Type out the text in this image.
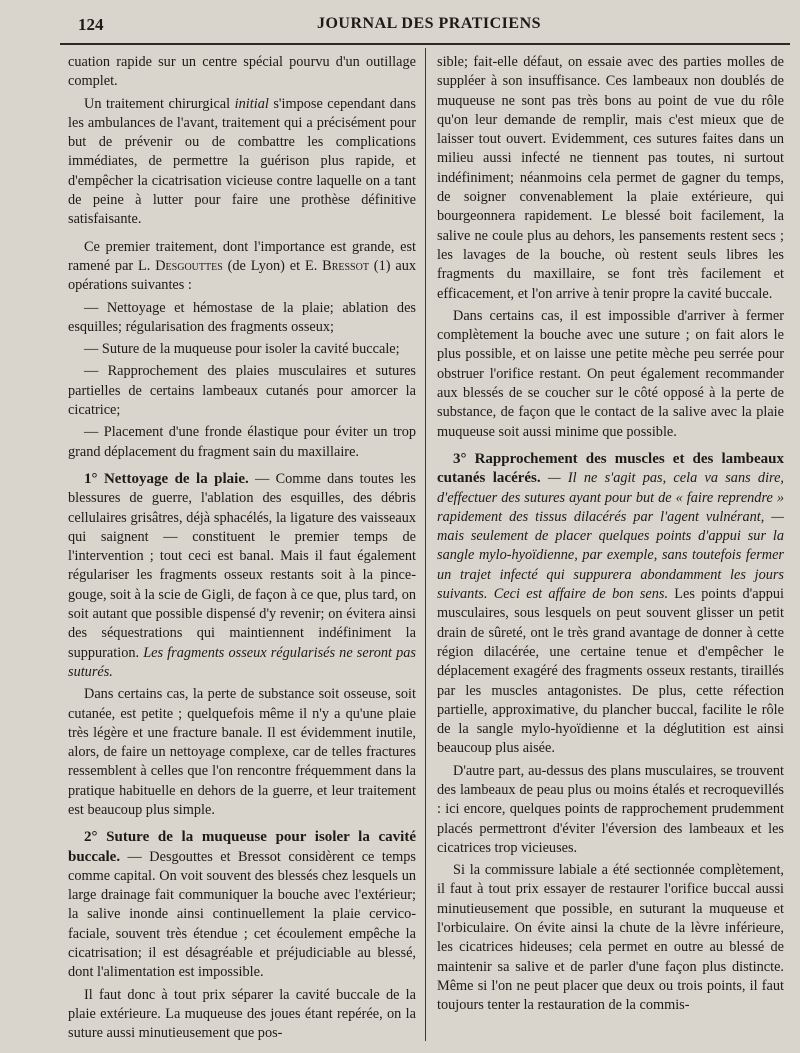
124	JOURNAL DES PRATICIENS

cuation rapide sur un centre spécial pourvu d'un outillage complet.

Un traitement chirurgical initial s'impose cependant dans les ambulances de l'avant, traitement qui a précisément pour but de prévenir ou de combattre les complications immédiates, de permettre la guérison plus rapide, et d'empêcher la cicatrisation vicieuse contre laquelle on a tant de peine à lutter pour faire une prothèse définitive satisfaisante.

Ce premier traitement, dont l'importance est grande, est ramené par L. Desgouttes (de Lyon) et E. Bressot (1) aux opérations suivantes :

— Nettoyage et hémostase de la plaie; ablation des esquilles; régularisation des fragments osseux;

— Suture de la muqueuse pour isoler la cavité buccale;

— Rapprochement des plaies musculaires et sutures partielles de certains lambeaux cutanés pour amorcer la cicatrice;

— Placement d'une fronde élastique pour éviter un trop grand déplacement du fragment sain du maxillaire.

1° Nettoyage de la plaie. — Comme dans toutes les blessures de guerre, l'ablation des esquilles, des débris cellulaires grisâtres, déjà sphacélés, la ligature des vaisseaux qui saignent — constituent le premier temps de l'intervention ; tout ceci est banal. Mais il faut également régulariser les fragments osseux restants soit à la pince-gouge, soit à la scie de Gigli, de façon à ce que, plus tard, on soit autant que possible dispensé d'y revenir; on évitera ainsi des séquestrations qui maintiennent indéfiniment la suppuration. Les fragments osseux régularisés ne seront pas suturés.

Dans certains cas, la perte de substance soit osseuse, soit cutanée, est petite ; quelquefois même il n'y a qu'une plaie très légère et une fracture banale. Il est évidemment inutile, alors, de faire un nettoyage complexe, car de telles fractures ressemblent à celles que l'on rencontre fréquemment dans la pratique habituelle en dehors de la guerre, et leur traitement est beaucoup plus simple.

2° Suture de la muqueuse pour isoler la cavité buccale. — Desgouttes et Bressot considèrent ce temps comme capital. On voit souvent des blessés chez lesquels un large drainage fait communiquer la bouche avec l'extérieur; la salive inonde ainsi continuellement la plaie cervico-faciale, souvent très étendue ; cet écoulement empêche la cicatrisation; il est désagréable et préjudiciable au blessé, dont l'alimentation est impossible.

Il faut donc à tout prix séparer la cavité buccale de la plaie extérieure. La muqueuse des joues étant repérée, on la suture aussi minutieusement que pos-

sible; fait-elle défaut, on essaie avec des parties molles de suppléer à son insuffisance. Ces lambeaux non doublés de muqueuse ne sont pas très bons au point de vue du rôle qu'on leur demande de remplir, mais c'est mieux que de laisser tout ouvert. Evidemment, ces sutures faites dans un milieu aussi infecté ne tiennent pas toutes, ni surtout indéfiniment; néanmoins cela permet de gagner du temps, de soigner convenablement la plaie extérieure, qui bourgeonnera rapidement. Le blessé boit facilement, la salive ne coule plus au dehors, les pansements restent secs ; les lavages de la bouche, où restent seuls libres les fragments du maxillaire, se font très facilement et efficacement, et l'on arrive à tenir propre la cavité buccale.

Dans certains cas, il est impossible d'arriver à fermer complètement la bouche avec une suture ; on fait alors le plus possible, et on laisse une petite mèche peu serrée pour obstruer l'orifice restant. On peut également recommander aux blessés de se coucher sur le côté opposé à la perte de substance, de façon que le contact de la salive avec la plaie muqueuse soit aussi minime que possible.

3° Rapprochement des muscles et des lambeaux cutanés lacérés. — Il ne s'agit pas, cela va sans dire, d'effectuer des sutures ayant pour but de « faire reprendre » rapidement des tissus dilacérés par l'agent vulnérant, — mais seulement de placer quelques points d'appui sur la sangle mylo-hyoïdienne, par exemple, sans toutefois fermer un trajet infecté qui suppurera abondamment les jours suivants. Ceci est affaire de bon sens. Les points d'appui musculaires, sous lesquels on peut souvent glisser un petit drain de sûreté, ont le très grand avantage de donner à cette région dilacérée, une certaine tenue et d'empêcher le déplacement exagéré des fragments osseux restants, tiraillés par les muscles antagonistes. De plus, cette réfection partielle, approximative, du plancher buccal, facilite le rôle de la sangle mylo-hyoïdienne et la déglutition est ainsi beaucoup plus aisée.

D'autre part, au-dessus des plans musculaires, se trouvent des lambeaux de peau plus ou moins étalés et recroquevillés : ici encore, quelques points de rapprochement prudemment placés permettront d'éviter l'éversion des lambeaux et les cicatrices trop vicieuses.

Si la commissure labiale a été sectionnée complètement, il faut à tout prix essayer de restaurer l'orifice buccal aussi minutieusement que possible, en suturant la muqueuse et l'orbiculaire. On évite ainsi la chute de la lèvre inférieure, les cicatrices hideuses; cela permet en outre au blessé de maintenir sa salive et de parler d'une façon plus distincte. Même si l'on ne peut placer que deux ou trois points, il faut toujours tenter la restauration de la commis-
